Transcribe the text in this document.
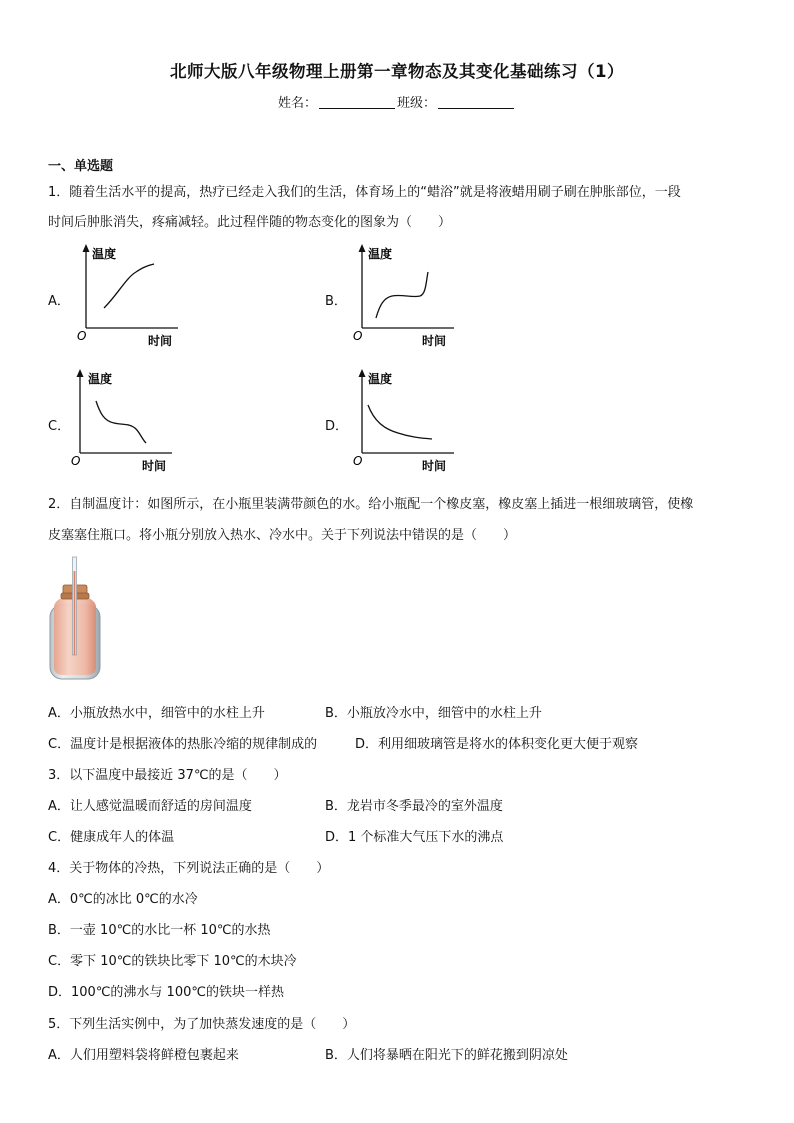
北师大版八年级物理上册第一章物态及其变化基础练习（1）
姓名：	班级：
一、单选题
1．随着生活水平的提高，热疗已经走入我们的生活，体育场上的“蜡浴”就是将液蜡用刷子刷在肿胀部位，一段
时间后肿胀消失，疼痛减轻。此过程伴随的物态变化的图象为（　　）
A．
温度
时间
O
B．
温度
时间
O
C．
温度
时间
O
D．
温度
时间
O
2．自制温度计：如图所示，在小瓶里装满带颜色的水。给小瓶配一个橡皮塞，橡皮塞上插进一根细玻璃管，使橡
皮塞塞住瓶口。将小瓶分别放入热水、冷水中。关于下列说法中错误的是（　　）
A．小瓶放热水中，细管中的水柱上升	B．小瓶放冷水中，细管中的水柱上升
C．温度计是根据液体的热胀冷缩的规律制成的	D．利用细玻璃管是将水的体积变化更大便于观察
3．以下温度中最接近 37℃的是（　　）
A．让人感觉温暖而舒适的房间温度	B．龙岩市冬季最冷的室外温度
C．健康成年人的体温	D．1 个标准大气压下水的沸点
4．关于物体的冷热，下列说法正确的是（　　）
A．0℃的冰比 0℃的水冷
B．一壶 10℃的水比一杯 10℃的水热
C．零下 10℃的铁块比零下 10℃的木块冷
D．100℃的沸水与 100℃的铁块一样热
5．下列生活实例中，为了加快蒸发速度的是（　　）
A．人们用塑料袋将鲜橙包裹起来	B．人们将暴晒在阳光下的鲜花搬到阴凉处
